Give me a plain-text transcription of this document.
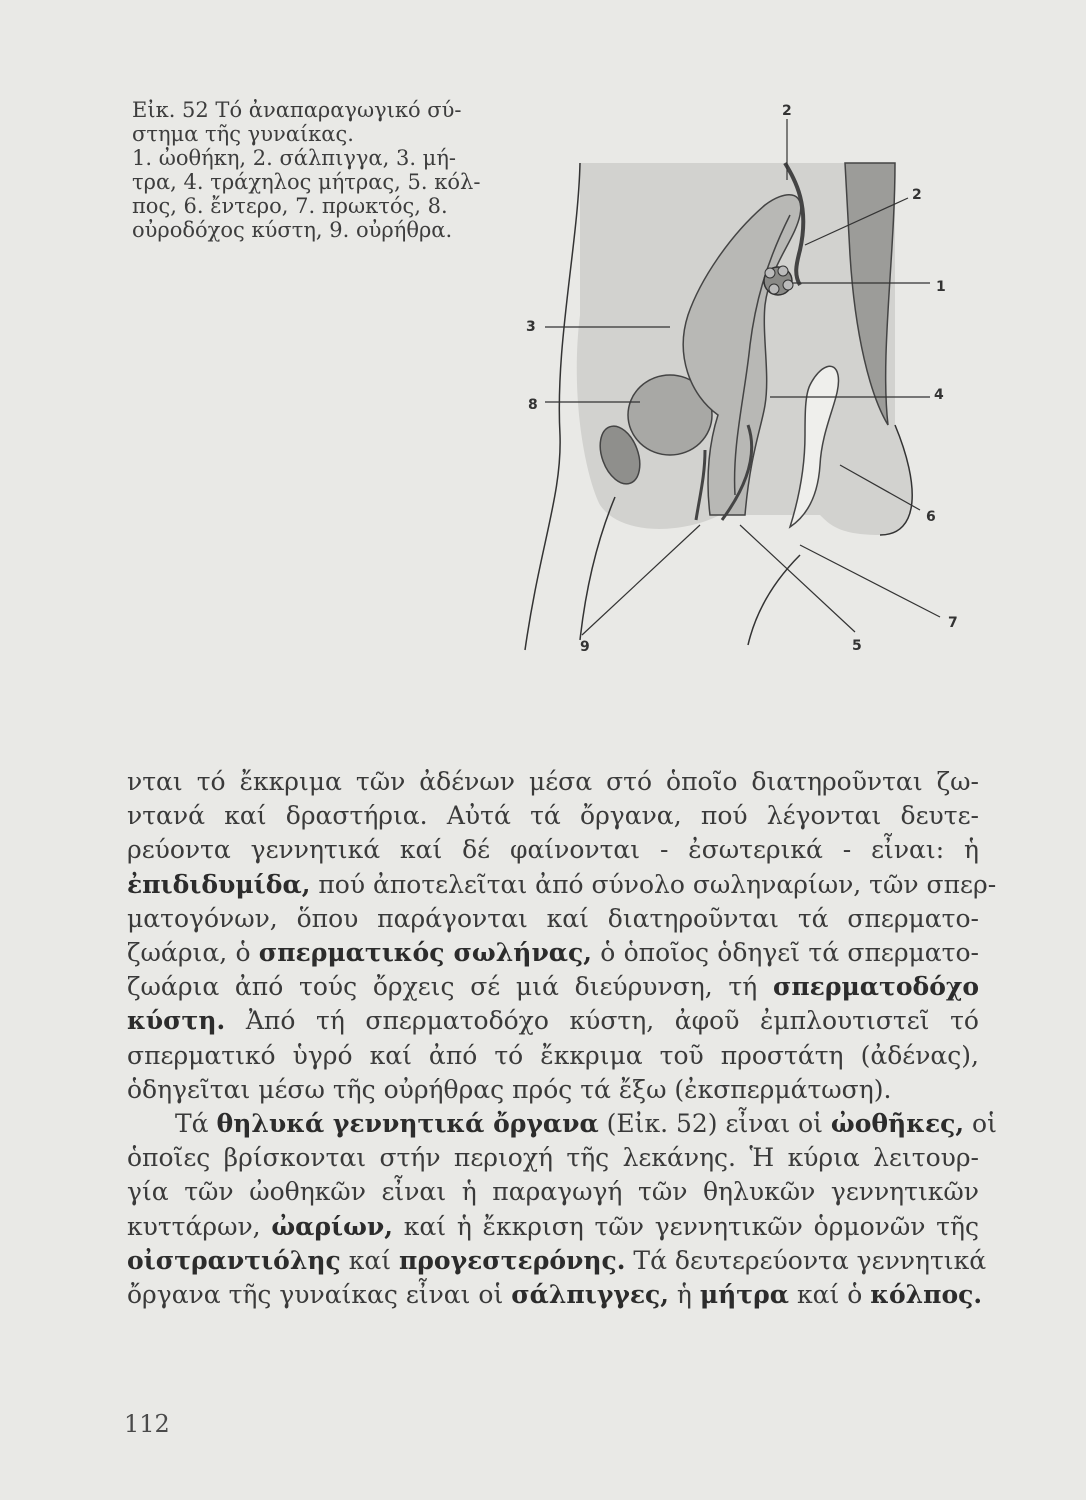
Εἰκ. 52 Τό ἀναπαραγωγικό σύ-
στημα τῆς γυναίκας.
1. ὠοθήκη, 2. σάλπιγγα, 3. μή-
τρα, 4. τράχηλος μήτρας, 5. κόλ-
πος, 6. ἔντερο, 7. πρωκτός, 8.
οὐροδόχος κύστη, 9. οὐρήθρα.
2
2
1
3
4
8
6
7
5
9
νται τό ἔκκριμα τῶν ἀδένων μέσα στό ὁποῖο διατηροῦνται ζω-
ντανά καί δραστήρια. Αὐτά τά ὄργανα, πού λέγονται δευτε-
ρεύοντα γεννητικά καί δέ φαίνονται - ἐσωτερικά - εἶναι: ἡ
ἐπιδιδυμίδα, πού ἀποτελεῖται ἀπό σύνολο σωληναρίων, τῶν σπερ-
ματογόνων, ὅπου παράγονται καί διατηροῦνται τά σπερματο-
ζωάρια, ὁ σπερματικός σωλήνας, ὁ ὁποῖος ὁδηγεῖ τά σπερματο-
ζωάρια ἀπό τούς ὄρχεις σέ μιά διεύρυνση, τή σπερματοδόχο
κύστη. Ἀπό τή σπερματοδόχο κύστη, ἀφοῦ ἐμπλουτιστεῖ τό
σπερματικό ὑγρό καί ἀπό τό ἔκκριμα τοῦ προστάτη (ἀδένας),
ὁδηγεῖται μέσω τῆς οὐρήθρας πρός τά ἔξω (ἐκσπερμάτωση).
Τά θηλυκά γεννητικά ὄργανα (Εἰκ. 52) εἶναι οἱ ὠοθῆκες, οἱ
ὁποῖες βρίσκονται στήν περιοχή τῆς λεκάνης. Ἡ κύρια λειτουρ-
γία τῶν ὠοθηκῶν εἶναι ἡ παραγωγή τῶν θηλυκῶν γεννητικῶν
κυττάρων, ὠαρίων, καί ἡ ἔκκριση τῶν γεννητικῶν ὁρμονῶν τῆς
οἰστραντιόλης καί προγεστερόνης. Τά δευτερεύοντα γεννητικά
ὄργανα τῆς γυναίκας εἶναι οἱ σάλπιγγες, ἡ μήτρα καί ὁ κόλπος.
112
